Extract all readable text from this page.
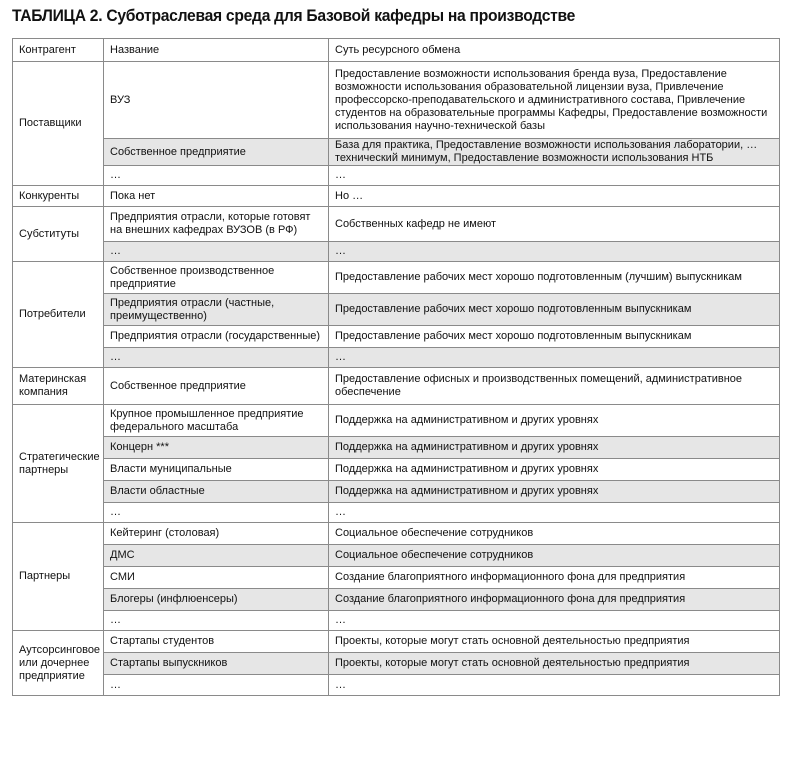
ТАБЛИЦА 2. Суботраслевая среда для Базовой кафедры на производстве
Контрагент	Название	Суть ресурсного обмена
Поставщики	ВУЗ	Предоставление возможности использования бренда вуза, Предоставление возможности использования образовательной лицензии вуза, Привлечение профессорско-преподавательского и административного состава, Привлечение студентов на образовательные программы Кафедры, Предоставление возможности использования научно-технической базы
	Собственное предприятие	База для практика, Предоставление возможности использования лаборатории, … технический минимум, Предоставление возможности использования НТБ
	…	…
Конкуренты	Пока нет	Но …
Субституты	Предприятия отрасли, которые готовят на внешних кафедрах ВУЗОВ (в РФ)	Собственных кафедр не имеют
	…	…
Потребители	Собственное производственное предприятие	Предоставление рабочих мест хорошо подготовленным (лучшим) выпускникам
	Предприятия отрасли (частные, преимущественно)	Предоставление рабочих мест хорошо подготовленным выпускникам
	Предприятия отрасли (государственные)	Предоставление рабочих мест хорошо подготовленным выпускникам
	…	…
Материнская компания	Собственное предприятие	Предоставление офисных и производственных помещений, административное обеспечение
Стратегические партнеры	Крупное промышленное предприятие федерального масштаба	Поддержка на административном и других уровнях
	Концерн ***	Поддержка на административном и других уровнях
	Власти муниципальные	Поддержка на административном и других уровнях
	Власти областные	Поддержка на административном и других уровнях
	…	…
Партнеры	Кейтеринг (столовая)	Социальное обеспечение сотрудников
	ДМС	Социальное обеспечение сотрудников
	СМИ	Создание благоприятного информационного фона для предприятия
	Блогеры (инфлюенсеры)	Создание благоприятного информационного фона для предприятия
	…	…
Аутсорсинговое или дочернее предприятие	Стартапы студентов	Проекты, которые могут стать основной деятельностью предприятия
	Стартапы выпускников	Проекты, которые могут стать основной деятельностью предприятия
	…	…
